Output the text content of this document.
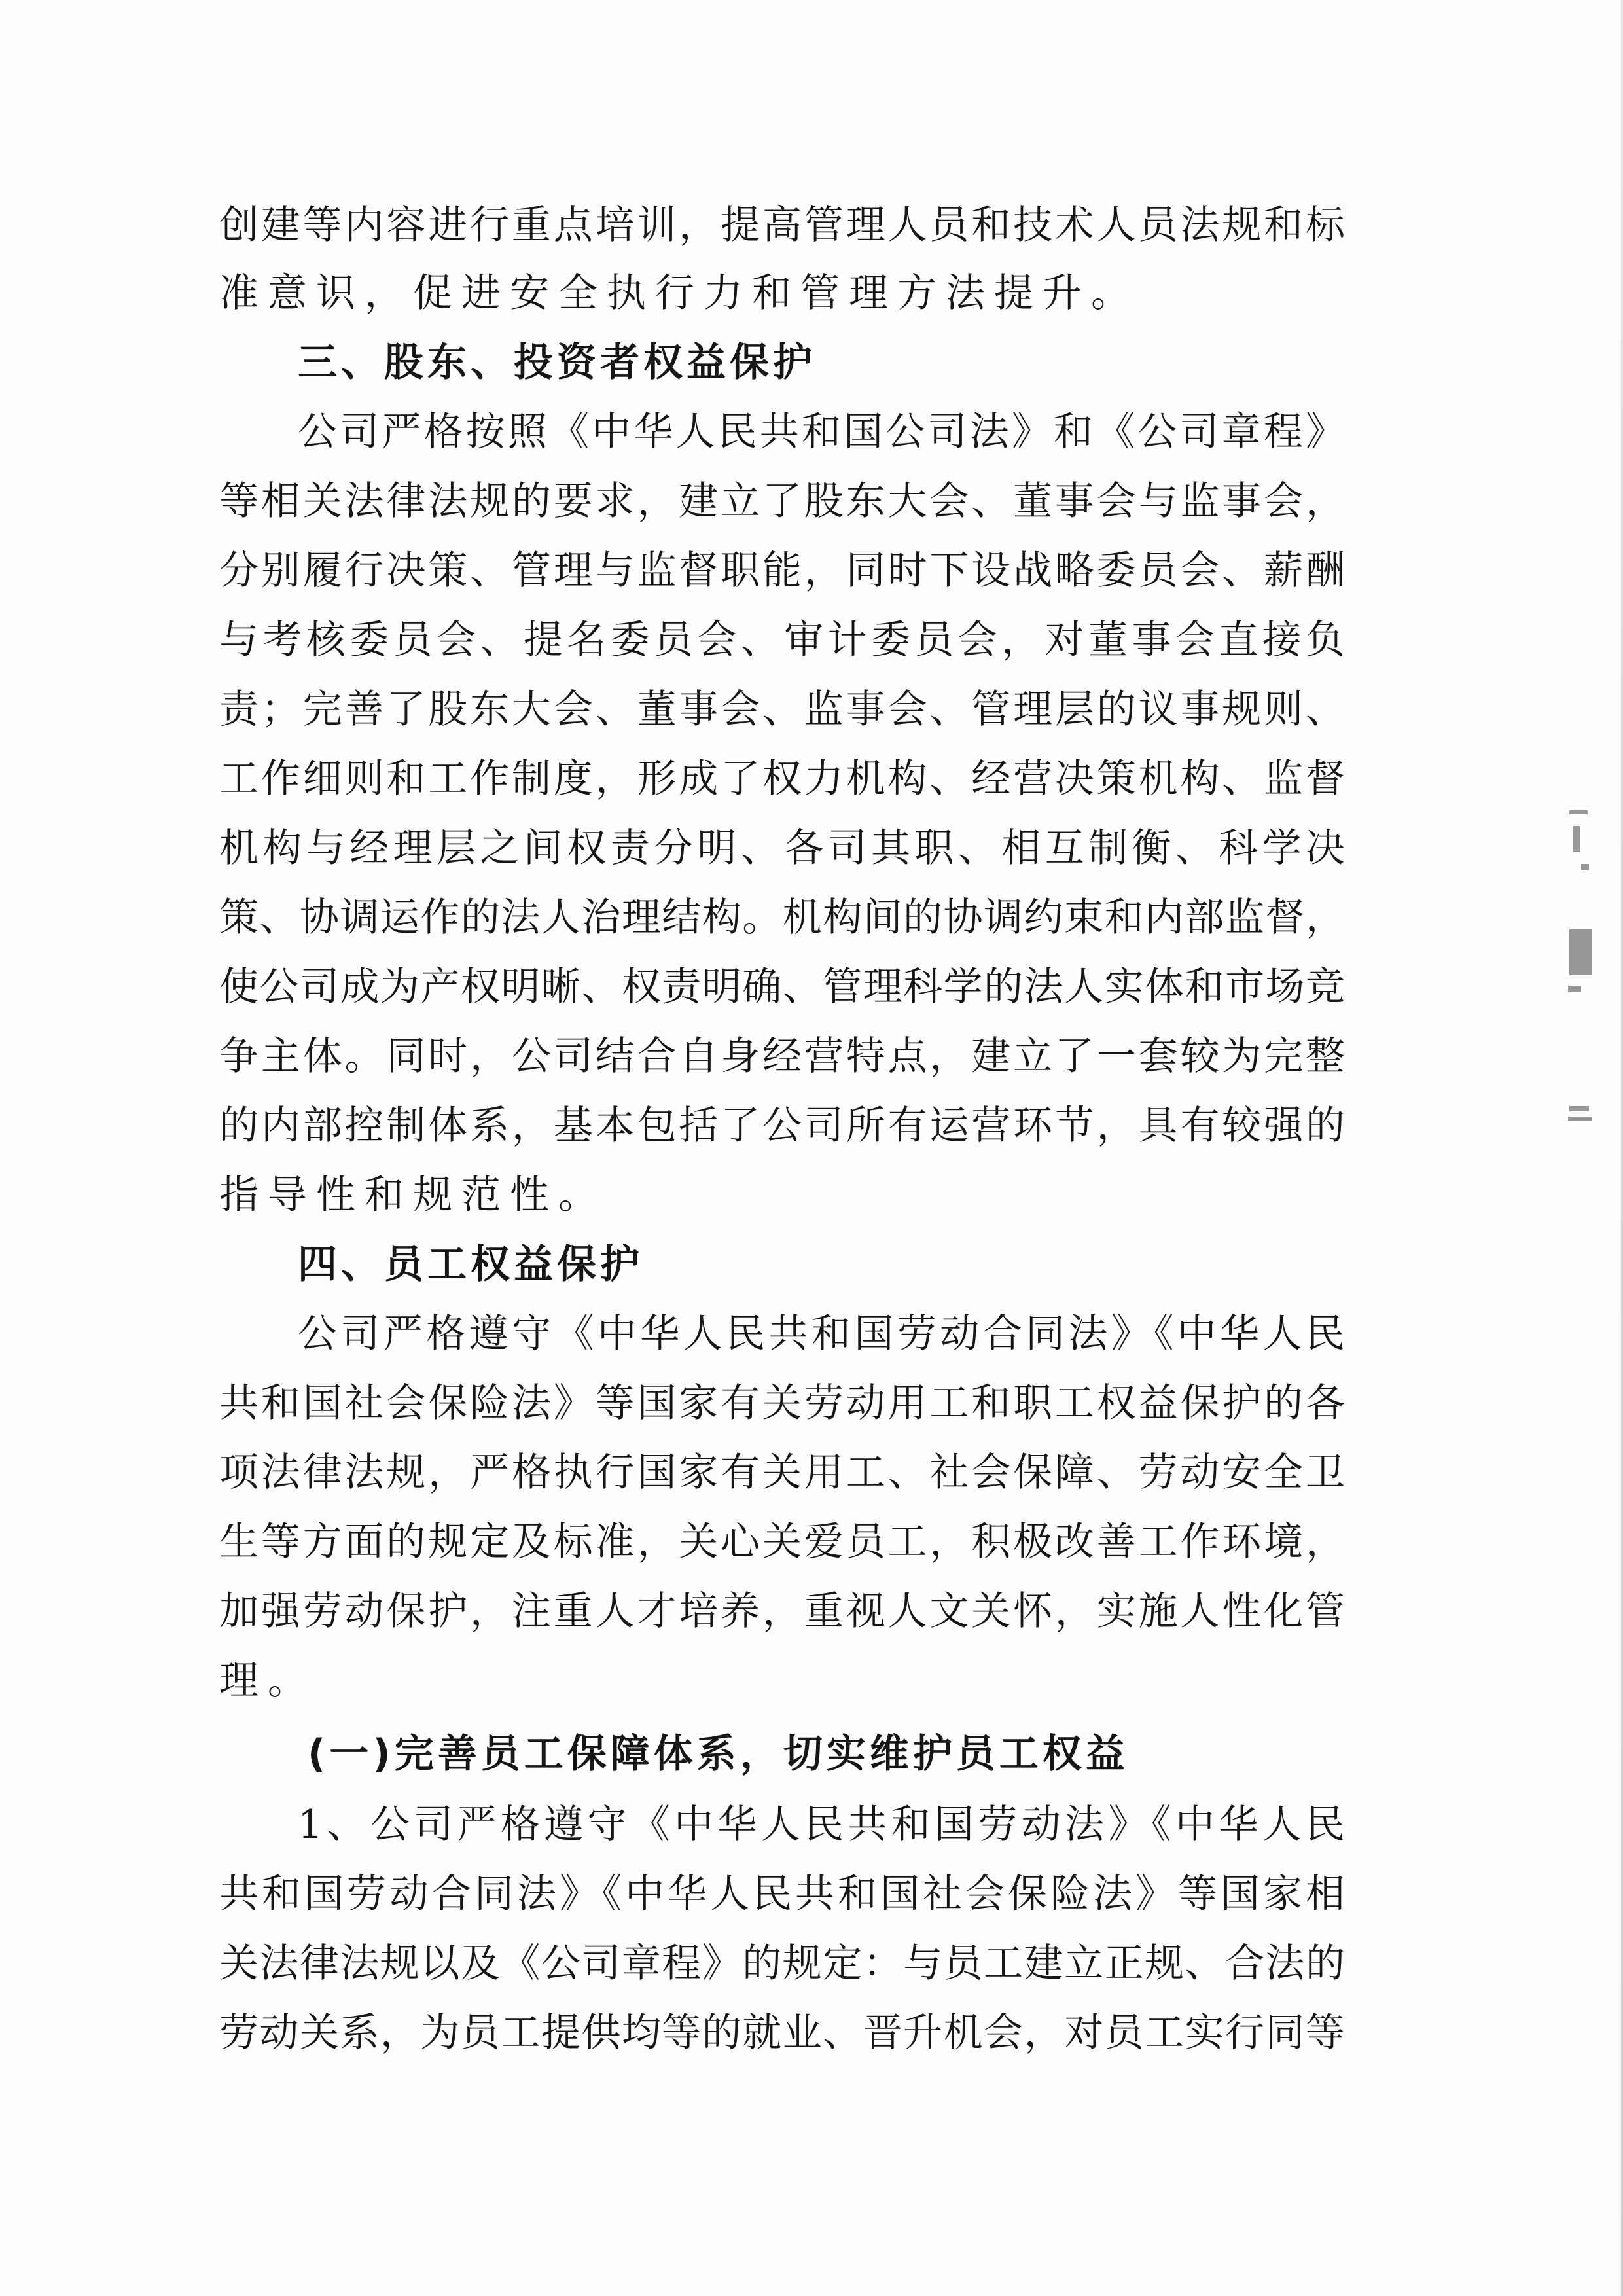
创建等内容进行重点培训，提高管理人员和技术人员法规和标
准意识，促进安全执行力和管理方法提升。
三、股东、投资者权益保护
公司严格按照《中华人民共和国公司法》和《公司章程》
等相关法律法规的要求，建立了股东大会、董事会与监事会，
分别履行决策、管理与监督职能，同时下设战略委员会、薪酬
与考核委员会、提名委员会、审计委员会，对董事会直接负
责；完善了股东大会、董事会、监事会、管理层的议事规则、
工作细则和工作制度，形成了权力机构、经营决策机构、监督
机构与经理层之间权责分明、各司其职、相互制衡、科学决
策、协调运作的法人治理结构。机构间的协调约束和内部监督，
使公司成为产权明晰、权责明确、管理科学的法人实体和市场竞
争主体。同时，公司结合自身经营特点，建立了一套较为完整
的内部控制体系，基本包括了公司所有运营环节，具有较强的
指导性和规范性。
四、员工权益保护
公司严格遵守《中华人民共和国劳动合同法》《中华人民
共和国社会保险法》等国家有关劳动用工和职工权益保护的各
项法律法规，严格执行国家有关用工、社会保障、劳动安全卫
生等方面的规定及标准，关心关爱员工，积极改善工作环境，
加强劳动保护，注重人才培养，重视人文关怀，实施人性化管
理。
(一)完善员工保障体系，切实维护员工权益
1、公司严格遵守《中华人民共和国劳动法》《中华人民
共和国劳动合同法》《中华人民共和国社会保险法》等国家相
关法律法规以及《公司章程》的规定：与员工建立正规、合法的
劳动关系，为员工提供均等的就业、晋升机会，对员工实行同等
